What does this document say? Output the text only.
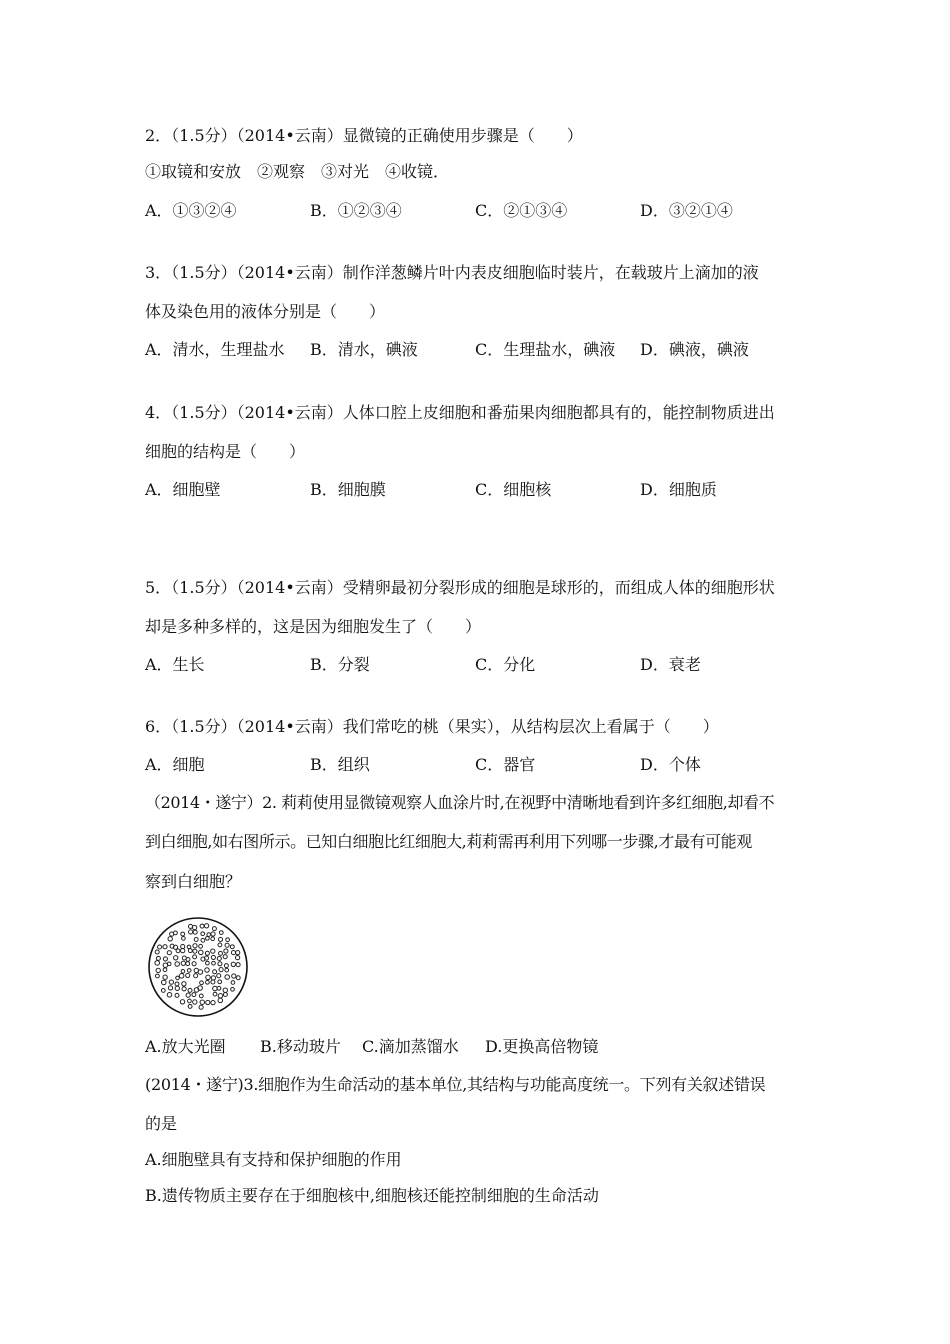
2．（1.5分）（2014•云南）显微镜的正确使用步骤是（　　）
①取镜和安放　②观察　③对光　④收镜．
A．①③②④	B．①②③④	C．②①③④	D．③②①④
3．（1.5分）（2014•云南）制作洋葱鳞片叶内表皮细胞临时装片，在载玻片上滴加的液
体及染色用的液体分别是（　　）
A．清水，生理盐水 B．清水，碘液	C．生理盐水，碘液 D．碘液，碘液
4．（1.5分）（2014•云南）人体口腔上皮细胞和番茄果肉细胞都具有的，能控制物质进出
细胞的结构是（　　）
A．细胞壁	B．细胞膜	C．细胞核	D．细胞质
5．（1.5分）（2014•云南）受精卵最初分裂形成的细胞是球形的，而组成人体的细胞形状
却是多种多样的，这是因为细胞发生了（　　）
A．生长	B．分裂	C．分化	D．衰老
6．（1.5分）（2014•云南）我们常吃的桃（果实），从结构层次上看属于（　　）
A．细胞	B．组织	C．器官	D．个体
（2014・遂宁）2. 莉莉使用显微镜观察人血涂片时,在视野中清晰地看到许多红细胞,却看不
到白细胞,如右图所示。已知白细胞比红细胞大,莉莉需再利用下列哪一步骤,才最有可能观
察到白细胞？
A.放大光圈 B.移动玻片 C.滴加蒸馏水 D.更换高倍物镜
(2014・遂宁)3.细胞作为生命活动的基本单位,其结构与功能高度统一。下列有关叙述错误
的是
A.细胞壁具有支持和保护细胞的作用
B.遗传物质主要存在于细胞核中,细胞核还能控制细胞的生命活动
